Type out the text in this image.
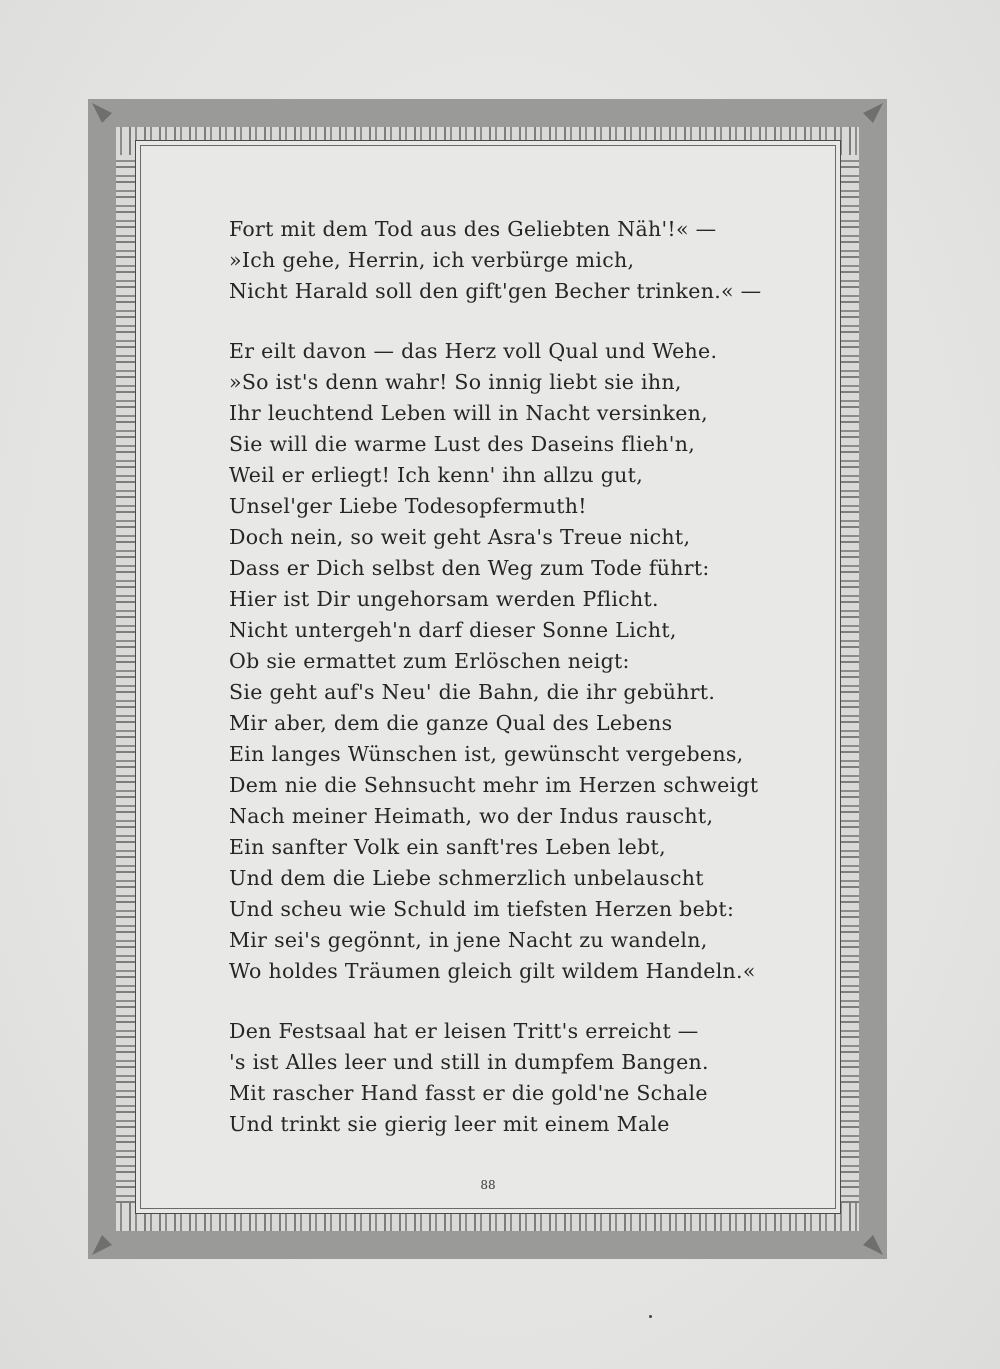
Fort mit dem Tod aus des Geliebten Näh'!« —
»Ich gehe, Herrin, ich verbürge mich,
Nicht Harald soll den gift'gen Becher trinken.« —
Er eilt davon — das Herz voll Qual und Wehe.
»So ist's denn wahr! So innig liebt sie ihn,
Ihr leuchtend Leben will in Nacht versinken,
Sie will die warme Lust des Daseins flieh'n,
Weil er erliegt! Ich kenn' ihn allzu gut,
Unsel'ger Liebe Todesopfermuth!
Doch nein, so weit geht Asra's Treue nicht,
Dass er Dich selbst den Weg zum Tode führt:
Hier ist Dir ungehorsam werden Pflicht.
Nicht untergeh'n darf dieser Sonne Licht,
Ob sie ermattet zum Erlöschen neigt:
Sie geht auf's Neu' die Bahn, die ihr gebührt.
Mir aber, dem die ganze Qual des Lebens
Ein langes Wünschen ist, gewünscht vergebens,
Dem nie die Sehnsucht mehr im Herzen schweigt
Nach meiner Heimath, wo der Indus rauscht,
Ein sanfter Volk ein sanft'res Leben lebt,
Und dem die Liebe schmerzlich unbelauscht
Und scheu wie Schuld im tiefsten Herzen bebt:
Mir sei's gegönnt, in jene Nacht zu wandeln,
Wo holdes Träumen gleich gilt wildem Handeln.«
Den Festsaal hat er leisen Tritt's erreicht —
's ist Alles leer und still in dumpfem Bangen.
Mit rascher Hand fasst er die gold'ne Schale
Und trinkt sie gierig leer mit einem Male
88
